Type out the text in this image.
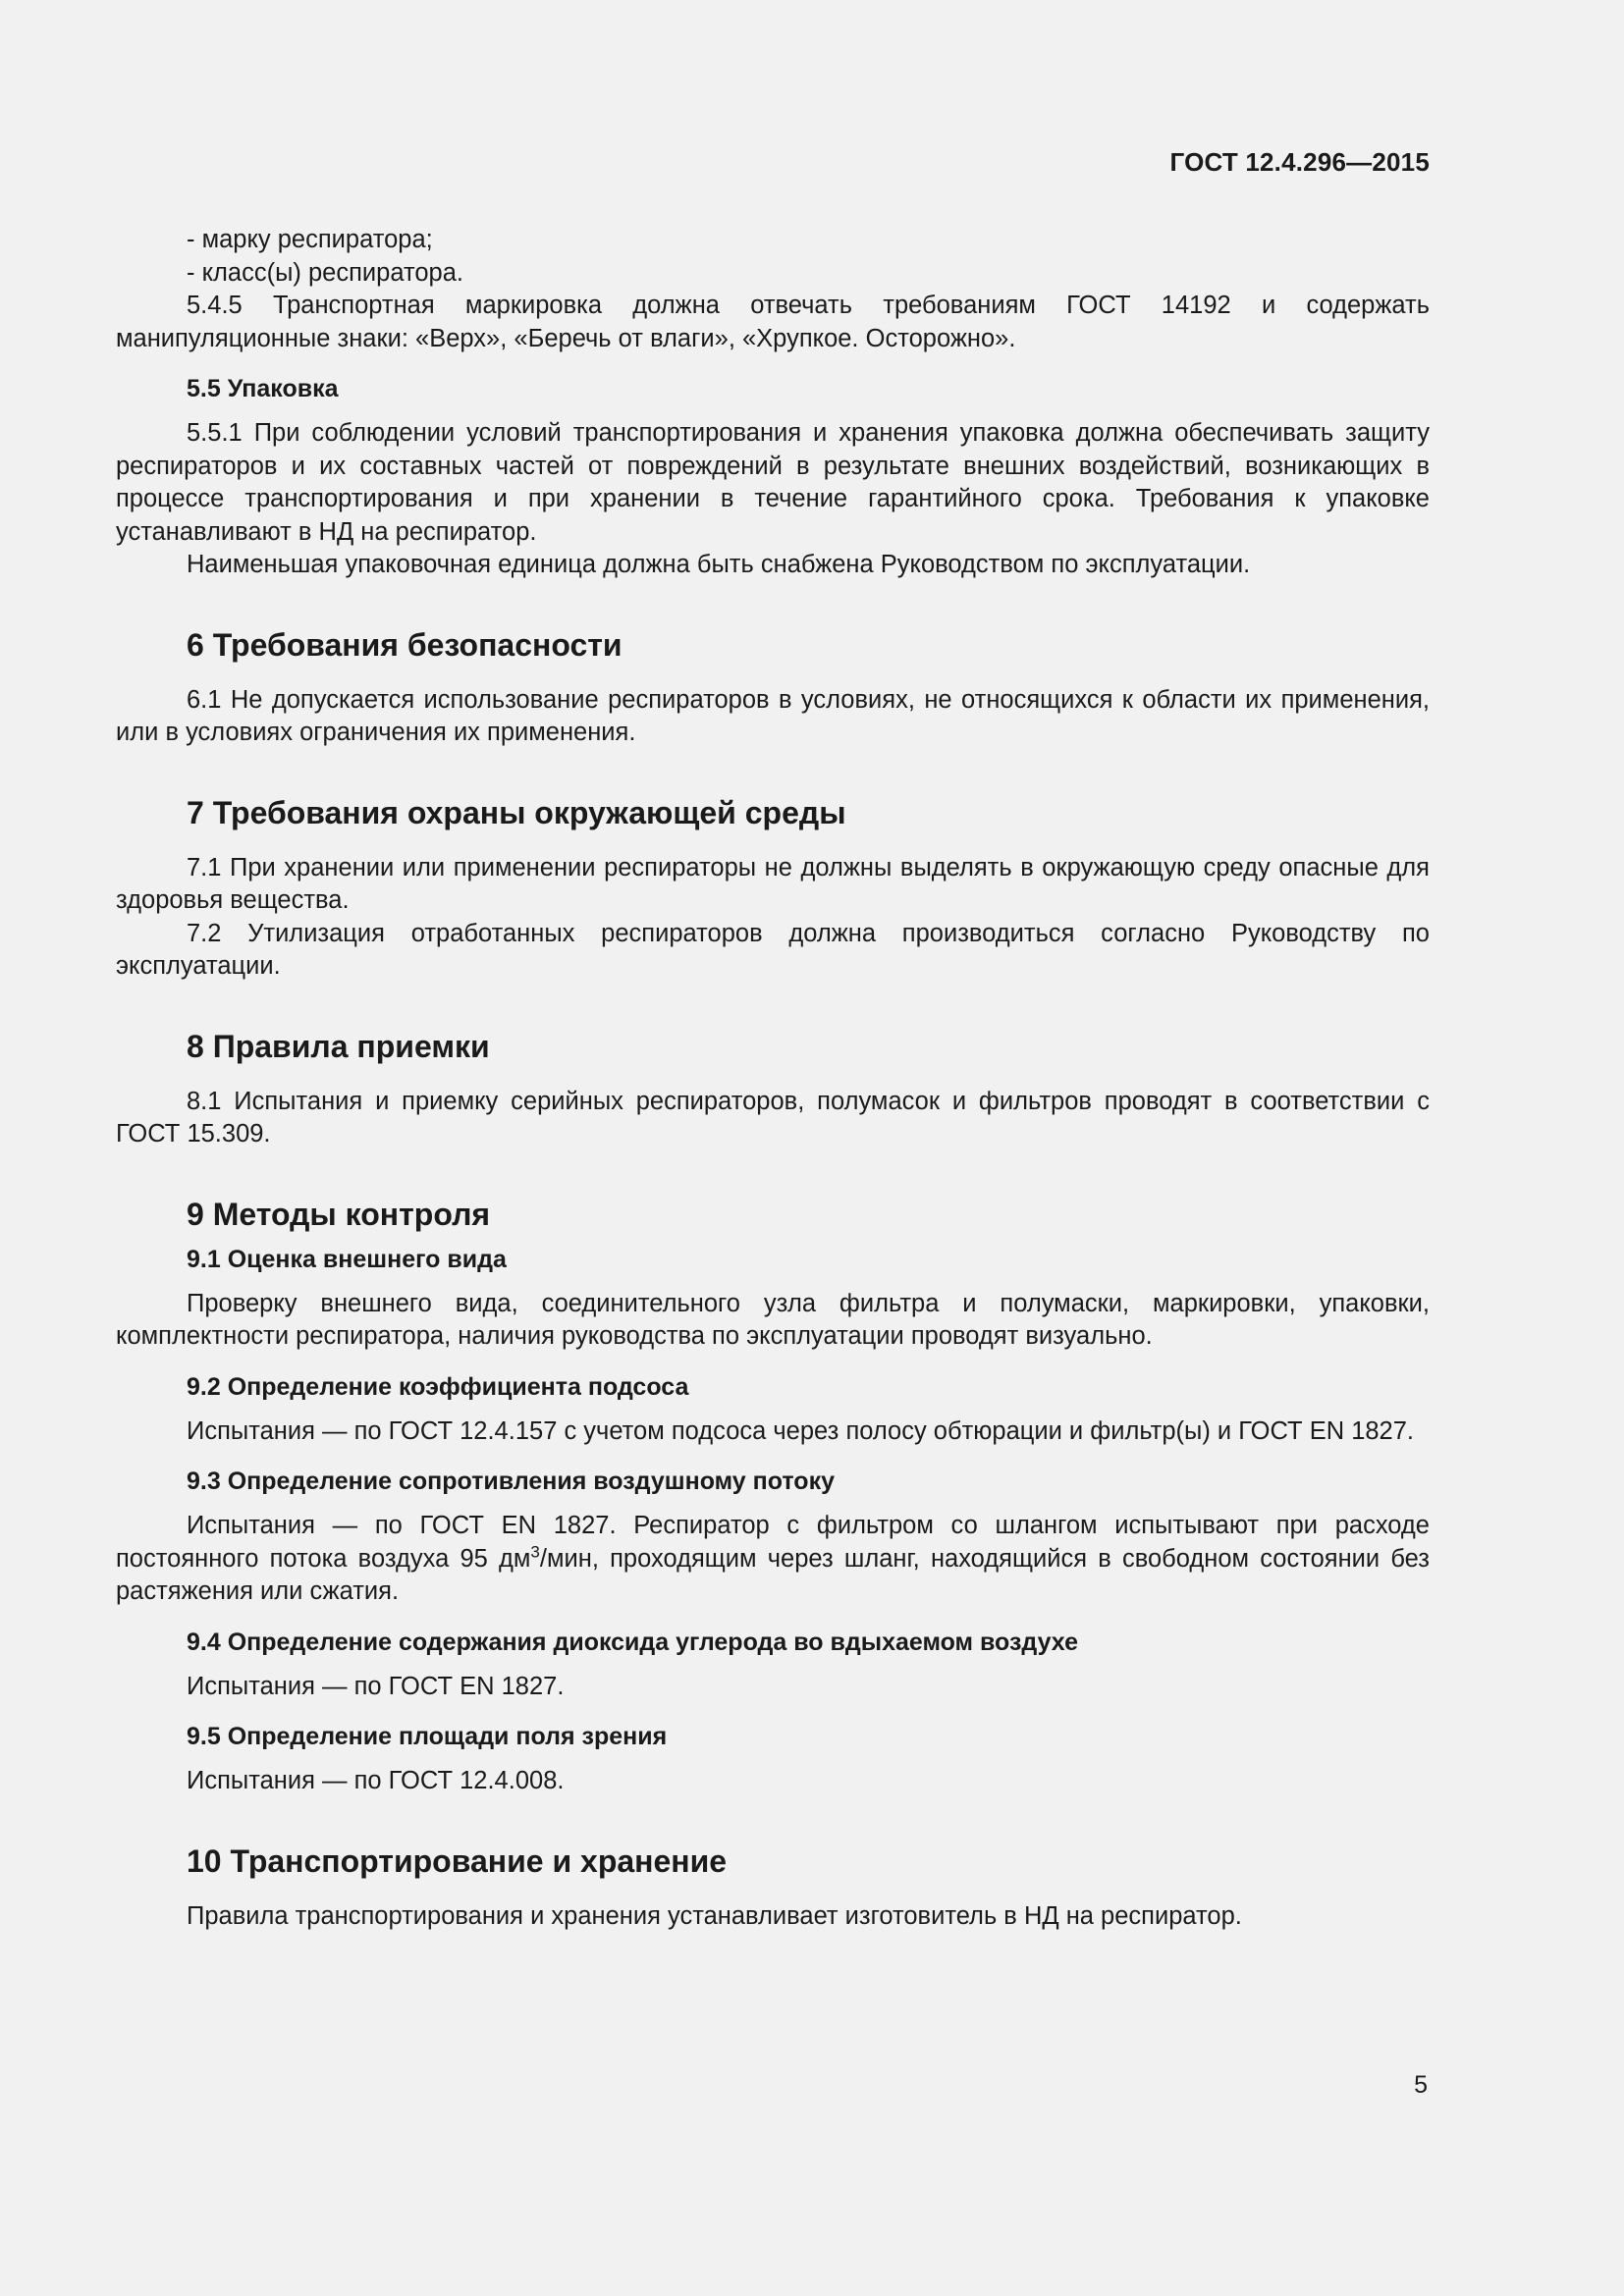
ГОСТ 12.4.296—2015

- марку респиратора;

- класс(ы) респиратора.

5.4.5 Транспортная маркировка должна отвечать требованиям ГОСТ 14192 и содержать манипуляционные знаки: «Верх», «Беречь от влаги», «Хрупкое. Осторожно».

5.5 Упаковка

5.5.1 При соблюдении условий транспортирования и хранения упаковка должна обеспечивать защиту респираторов и их составных частей от повреждений в результате внешних воздействий, возникающих в процессе транспортирования и при хранении в течение гарантийного срока. Требования к упаковке устанавливают в НД на респиратор.

Наименьшая упаковочная единица должна быть снабжена Руководством по эксплуатации.

6 Требования безопасности

6.1 Не допускается использование респираторов в условиях, не относящихся к области их применения, или в условиях ограничения их применения.

7 Требования охраны окружающей среды

7.1 При хранении или применении респираторы не должны выделять в окружающую среду опасные для здоровья вещества.

7.2 Утилизация отработанных респираторов должна производиться согласно Руководству по эксплуатации.

8 Правила приемки

8.1 Испытания и приемку серийных респираторов, полумасок и фильтров проводят в соответствии с ГОСТ 15.309.

9 Методы контроля
9.1 Оценка внешнего вида

Проверку внешнего вида, соединительного узла фильтра и полумаски, маркировки, упаковки, комплектности респиратора, наличия руководства по эксплуатации проводят визуально.

9.2 Определение коэффициента подсоса

Испытания — по ГОСТ 12.4.157 с учетом подсоса через полосу обтюрации и фильтр(ы) и ГОСТ EN 1827.

9.3 Определение сопротивления воздушному потоку

Испытания — по ГОСТ EN 1827. Респиратор с фильтром со шлангом испытывают при расходе постоянного потока воздуха 95 $дм^3$/мин, проходящим через шланг, находящийся в свободном состоянии без растяжения или сжатия.

9.4 Определение содержания диоксида углерода во вдыхаемом воздухе

Испытания — по ГОСТ EN 1827.

9.5 Определение площади поля зрения

Испытания — по ГОСТ 12.4.008.

10 Транспортирование и хранение

Правила транспортирования и хранения устанавливает изготовитель в НД на респиратор.

5
